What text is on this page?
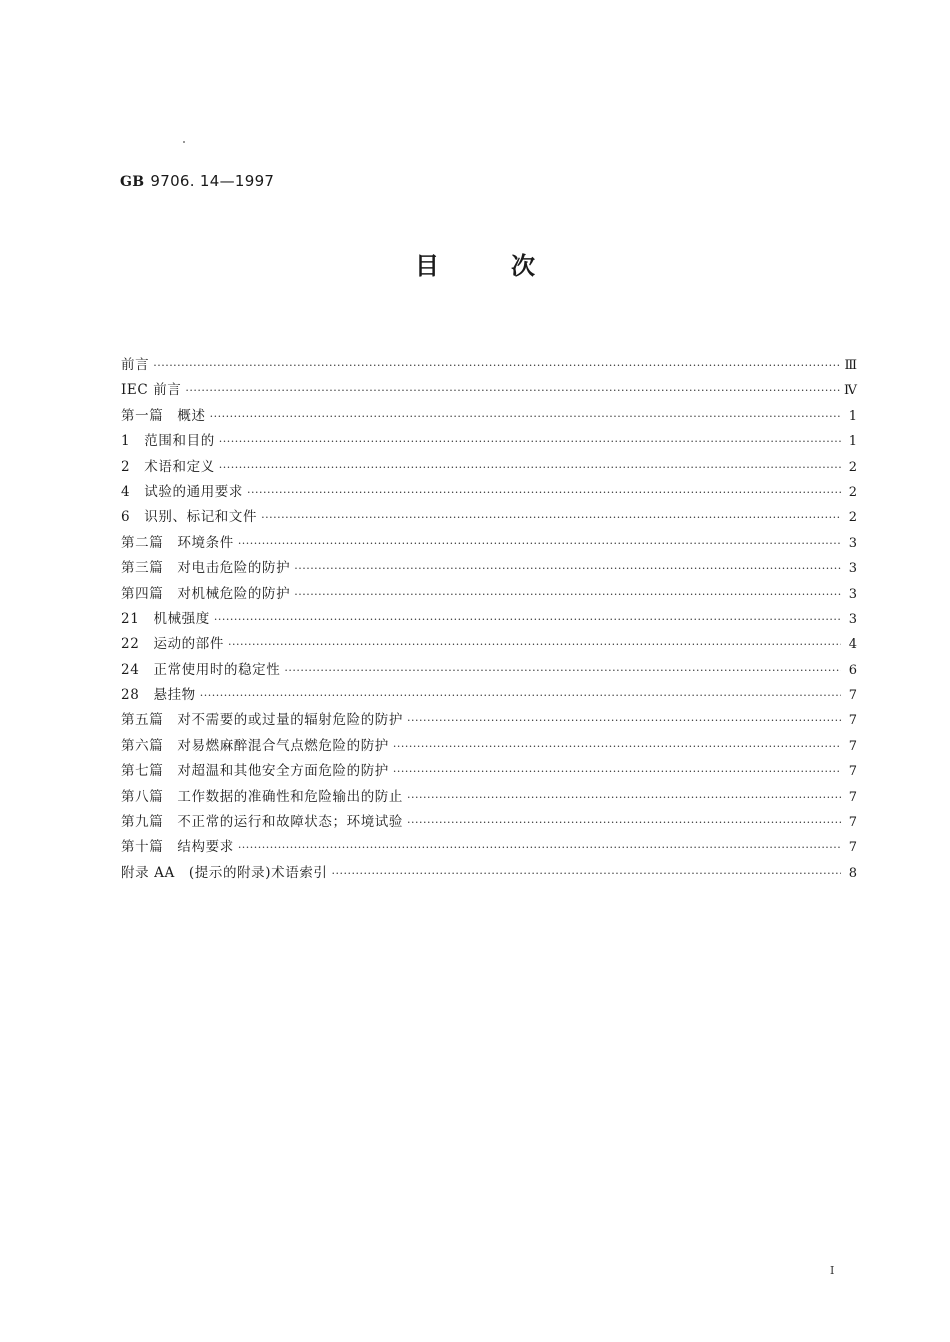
GB 9706. 14—1997
目次
前言 ·····	Ⅲ
IEC 前言 ·····	Ⅳ
第一篇　概述 ·····	1
1　范围和目的 ·····	1
2　术语和定义 ·····	2
4　试验的通用要求 ·····	2
6　识别、标记和文件 ·····	2
第二篇　环境条件 ·····	3
第三篇　对电击危险的防护 ·····	3
第四篇　对机械危险的防护 ·····	3
21　机械强度 ·····	3
22　运动的部件 ·····	4
24　正常使用时的稳定性 ·····	6
28　悬挂物 ·····	7
第五篇　对不需要的或过量的辐射危险的防护 ·····	7
第六篇　对易燃麻醉混合气点燃危险的防护 ·····	7
第七篇　对超温和其他安全方面危险的防护 ·····	7
第八篇　工作数据的准确性和危险输出的防止 ·····	7
第九篇　不正常的运行和故障状态；环境试验 ·····	7
第十篇　结构要求 ·····	7
附录 AA　(提示的附录)术语索引 ·····	8
I
